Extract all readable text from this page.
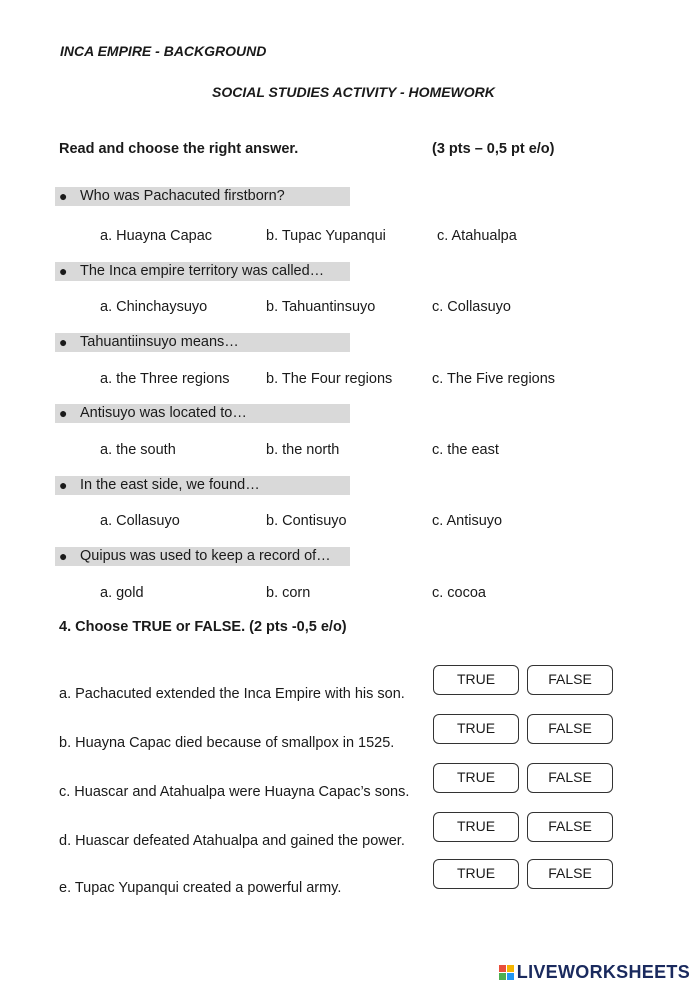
INCA EMPIRE - BACKGROUND
SOCIAL STUDIES ACTIVITY - HOMEWORK
Read and choose the right answer.	(3 pts – 0,5 pt e/o)
● Who was Pachacuted firstborn?
a. Huayna Capac	b. Tupac Yupanqui	c. Atahualpa
● The Inca empire territory was called…
a. Chinchaysuyo	b. Tahuantinsuyo	c. Collasuyo
● Tahuantiinsuyo means…
a. the Three regions	b. The Four regions	c. The Five regions
● Antisuyo was located to…
a. the south	b. the north	c. the east
● In the east side, we found…
a. Collasuyo	b. Contisuyo	c. Antisuyo
● Quipus was used to keep a record of…
a. gold	b. corn	c. cocoa
4. Choose TRUE or FALSE. (2 pts -0,5 e/o)
a. Pachacuted extended the Inca Empire with his son.
TRUE	FALSE
b. Huayna Capac died because of smallpox in 1525.
TRUE	FALSE
c. Huascar and Atahualpa were Huayna Capac’s sons.
TRUE	FALSE
d. Huascar defeated Atahualpa and gained the power.
TRUE	FALSE
e. Tupac Yupanqui created a powerful army.
TRUE	FALSE
LIVEWORKSHEETS
